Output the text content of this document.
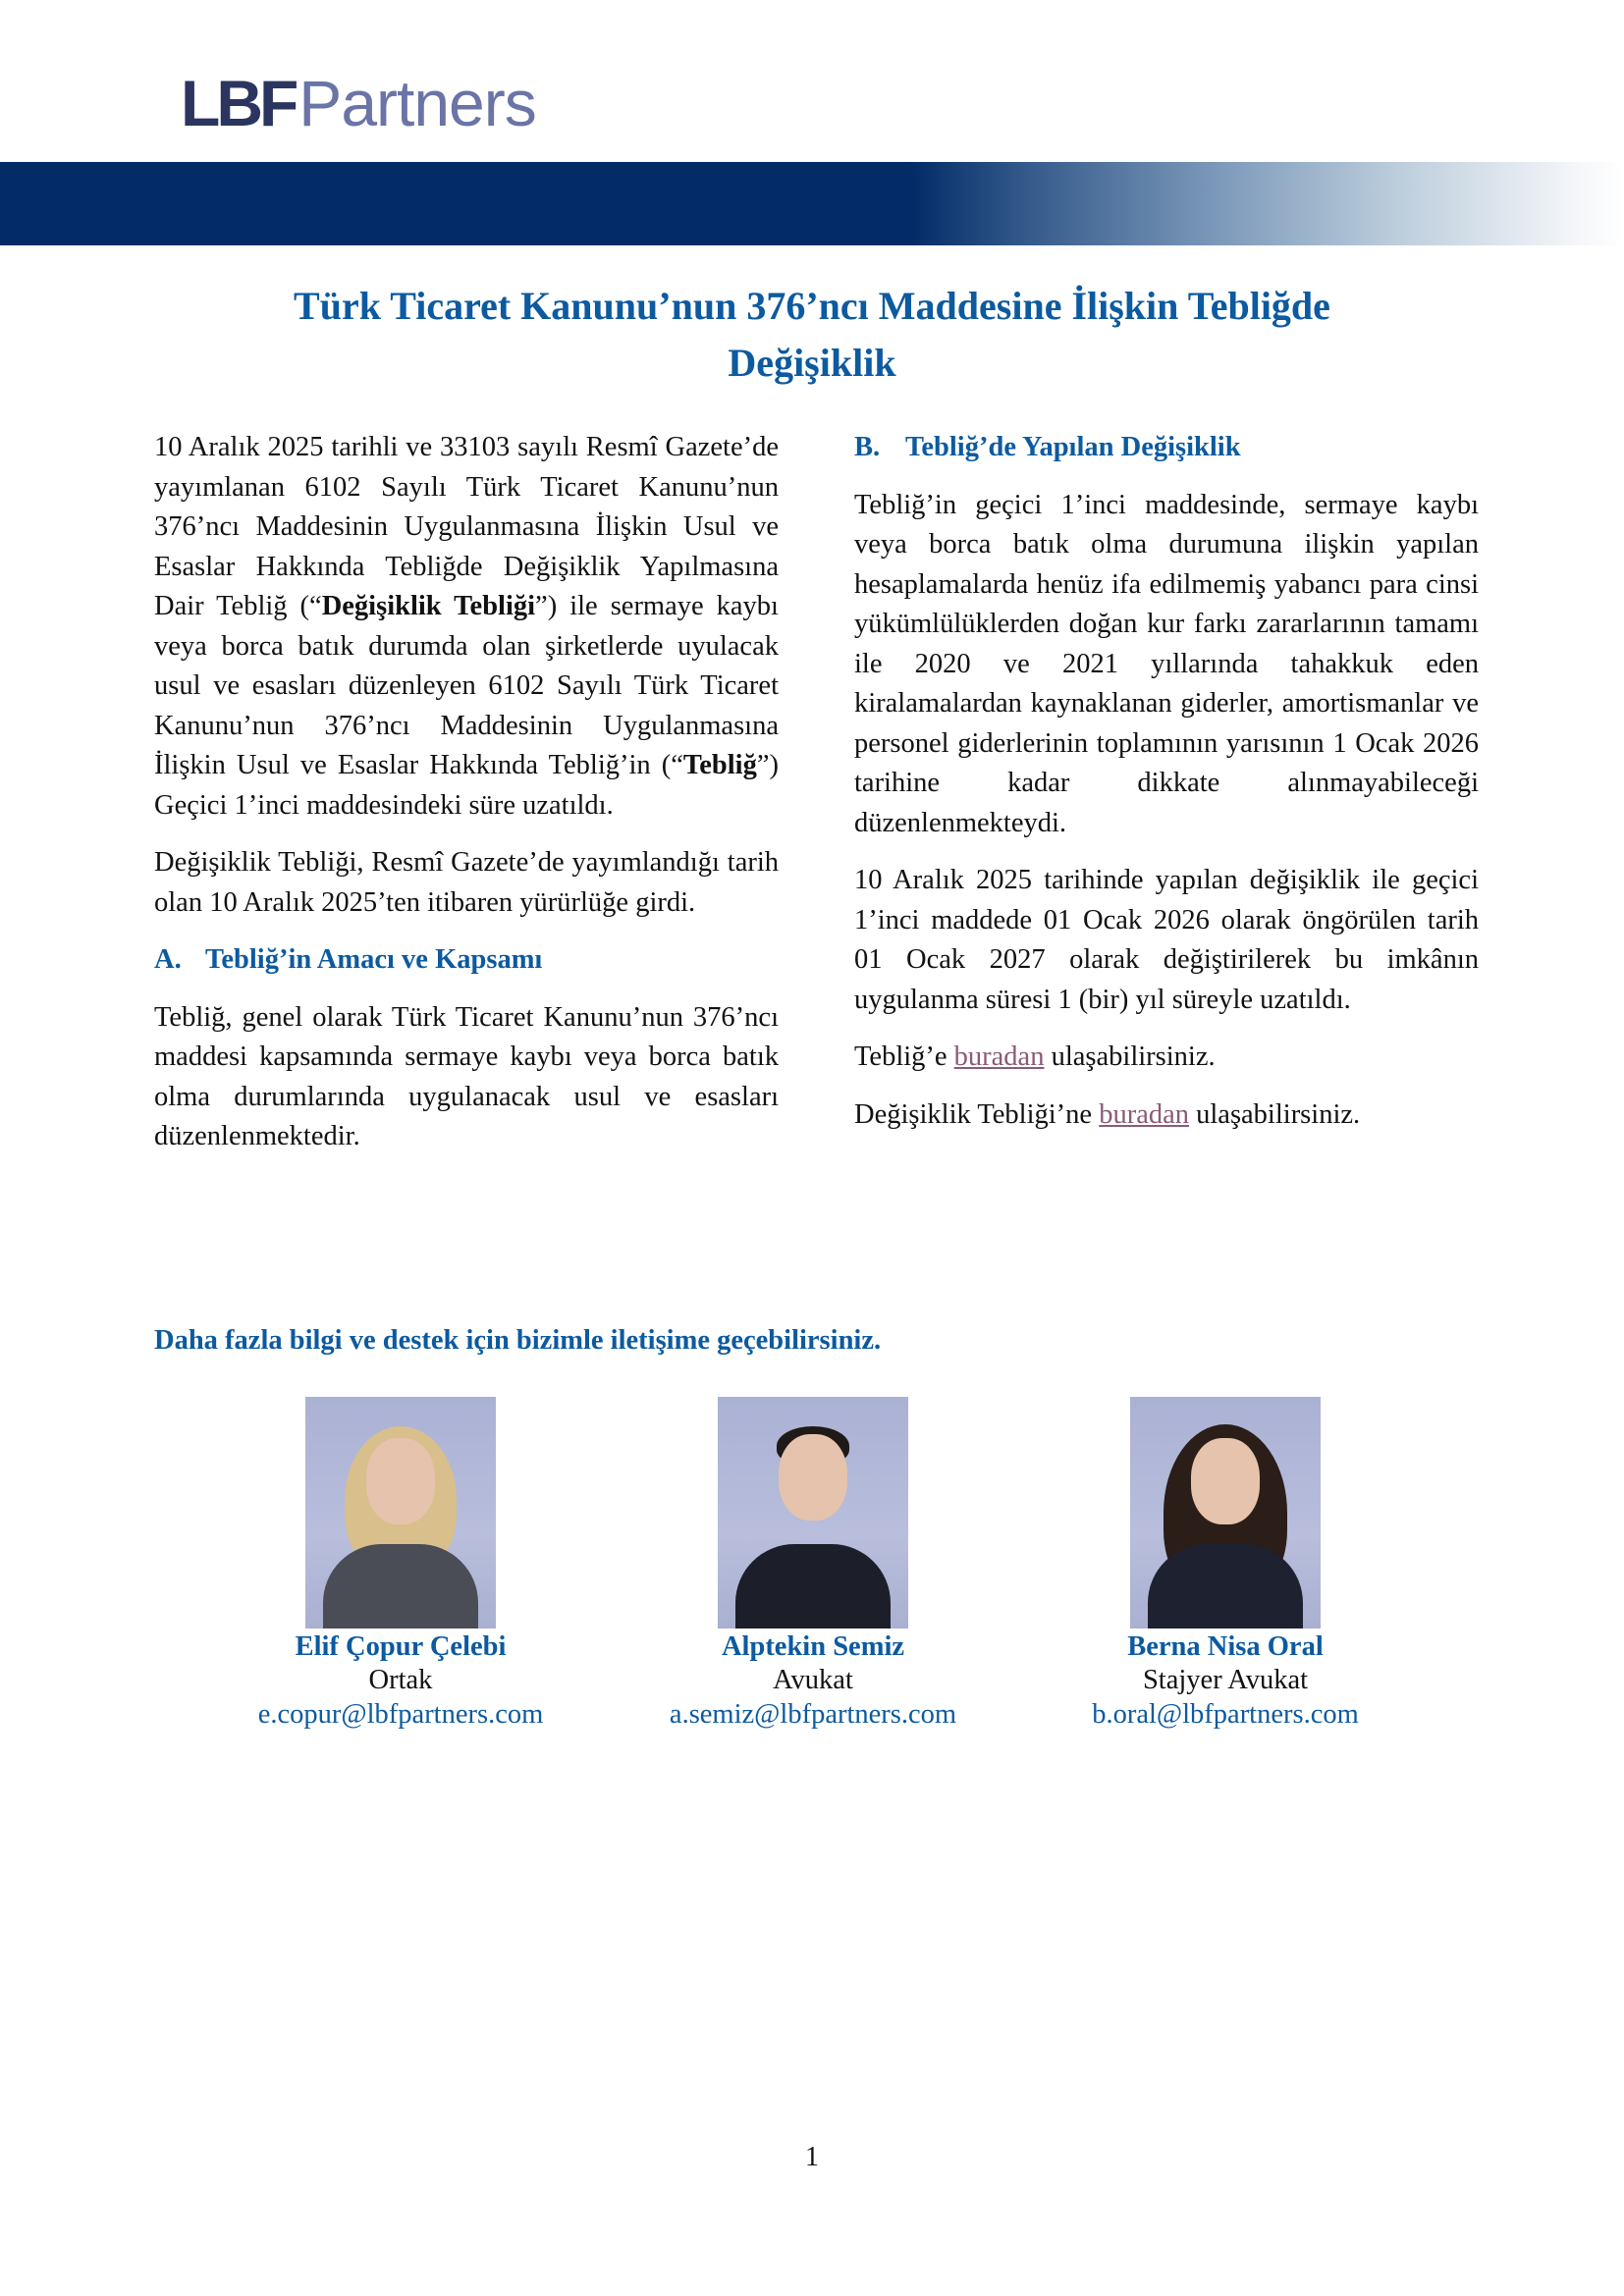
LBF Partners
Türk Ticaret Kanunu’nun 376’ncı Maddesine İlişkin Tebliğde
Değişiklik

10 Aralık 2025 tarihli ve 33103 sayılı Resmî Gazete’de yayımlanan 6102 Sayılı Türk Ticaret Kanunu’nun 376’ncı Maddesinin Uygulanmasına İlişkin Usul ve Esaslar Hakkında Tebliğde Değişiklik Yapılmasına Dair Tebliğ (“Değişiklik Tebliği”) ile sermaye kaybı veya borca batık durumda olan şirketlerde uyulacak usul ve esasları düzenleyen 6102 Sayılı Türk Ticaret Kanunu’nun 376’ncı Maddesinin Uygulanmasına İlişkin Usul ve Esaslar Hakkında Tebliğ’in (“Tebliğ”) Geçici 1’inci maddesindeki süre uzatıldı.

Değişiklik Tebliği, Resmî Gazete’de yayımlandığı tarih olan 10 Aralık 2025’ten itibaren yürürlüğe girdi.

A. Tebliğ’in Amacı ve Kapsamı

Tebliğ, genel olarak Türk Ticaret Kanunu’nun 376’ncı maddesi kapsamında sermaye kaybı veya borca batık olma durumlarında uygulanacak usul ve esasları düzenlenmektedir.

B. Tebliğ’de Yapılan Değişiklik

Tebliğ’in geçici 1’inci maddesinde, sermaye kaybı veya borca batık olma durumuna ilişkin yapılan hesaplamalarda henüz ifa edilmemiş yabancı para cinsi yükümlülüklerden doğan kur farkı zararlarının tamamı ile 2020 ve 2021 yıllarında tahakkuk eden kiralamalardan kaynaklanan giderler, amortismanlar ve personel giderlerinin toplamının yarısının 1 Ocak 2026 tarihine kadar dikkate alınmayabileceği düzenlenmekteydi.

10 Aralık 2025 tarihinde yapılan değişiklik ile geçici 1’inci maddede 01 Ocak 2026 olarak öngörülen tarih 01 Ocak 2027 olarak değiştirilerek bu imkânın uygulanma süresi 1 (bir) yıl süreyle uzatıldı.

Tebliğ’e buradan ulaşabilirsiniz.

Değişiklik Tebliği’ne buradan ulaşabilirsiniz.

Daha fazla bilgi ve destek için bizimle iletişime geçebilirsiniz.
Elif Çopur Çelebi
Ortak
e.copur@lbfpartners.com
Alptekin Semiz
Avukat
a.semiz@lbfpartners.com
Berna Nisa Oral
Stajyer Avukat
b.oral@lbfpartners.com
1
